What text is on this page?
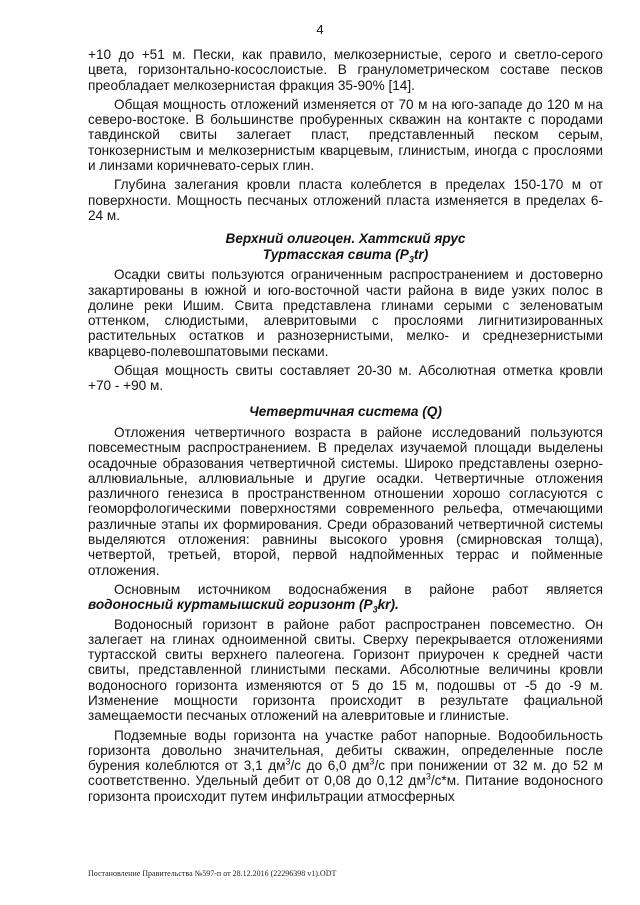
4

+10 до +51 м. Пески, как правило, мелкозернистые, серого и светло-серого цвета, горизонтально-косослоистые. В гранулометрическом составе песков преобладает мелкозернистая фракция 35-90% [14].

Общая мощность отложений изменяется от 70 м на юго-западе до 120 м на северо-востоке. В большинстве пробуренных скважин на контакте с породами тавдинской свиты залегает пласт, представленный песком серым, тонкозернистым и мелкозернистым кварцевым, глинистым, иногда с прослоями и линзами коричневато-серых глин.

Глубина залегания кровли пласта колеблется в пределах 150-170 м от поверхности. Мощность песчаных отложений пласта изменяется в пределах 6-24 м.

Верхний олигоцен. Хаттский ярус
Туртасская свита $(P_3tr)$

Осадки свиты пользуются ограниченным распространением и достоверно закартированы в южной и юго-восточной части района в виде узких полос в долине реки Ишим. Свита представлена глинами серыми с зеленоватым оттенком, слюдистыми, алевритовыми с прослоями лигнитизированных растительных остатков и разнозернистыми, мелко- и среднезернистыми кварцево-полевошпатовыми песками.

Общая мощность свиты составляет 20-30 м. Абсолютная отметка кровли +70 - +90 м.

Четвертичная система (Q)

Отложения четвертичного возраста в районе исследований пользуются повсеместным распространением. В пределах изучаемой площади выделены осадочные образования четвертичной системы. Широко представлены озерно-аллювиальные, аллювиальные и другие осадки. Четвертичные отложения различного генезиса в пространственном отношении хорошо согласуются с геоморфологическими поверхностями современного рельефа, отмечающими различные этапы их формирования. Среди образований четвертичной системы выделяются отложения: равнины высокого уровня (смирновская толща), четвертой, третьей, второй, первой надпойменных террас и пойменные отложения.

Основным источником водоснабжения в районе работ является водоносный куртамышский горизонт $(P_3kr)$.

Водоносный горизонт в районе работ распространен повсеместно. Он залегает на глинах одноименной свиты. Сверху перекрывается отложениями туртасской свиты верхнего палеогена. Горизонт приурочен к средней части свиты, представленной глинистыми песками. Абсолютные величины кровли водоносного горизонта изменяются от 5 до 15 м, подошвы от -5 до -9 м. Изменение мощности горизонта происходит в результате фациальной замещаемости песчаных отложений на алевритовые и глинистые.

Подземные воды горизонта на участке работ напорные. Водообильность горизонта довольно значительная, дебиты скважин, определенные после бурения колеблются от 3,1 $дм^3/с$ до 6,0 $дм^3/с$ при понижении от 32 м. до 52 м соответственно. Удельный дебит от 0,08 до 0,12 $дм^3/с*м$. Питание водоносного горизонта происходит путем инфильтрации атмосферных

Постановление Правительства №597-п от 28.12.2016 (22296398 v1).ODT
